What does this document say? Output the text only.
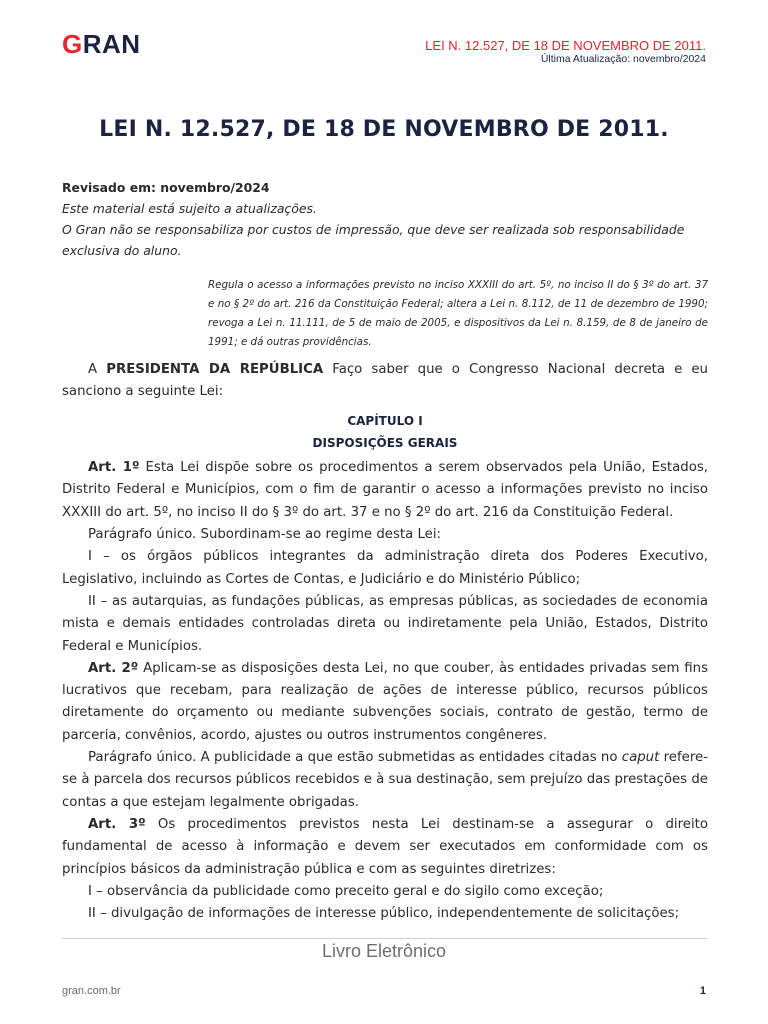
GRAN	LEI N. 12.527, DE 18 DE NOVEMBRO DE 2011.
Última Atualização: novembro/2024
LEI N. 12.527, DE 18 DE NOVEMBRO DE 2011.
Revisado em: novembro/2024
Este material está sujeito a atualizações.
O Gran não se responsabiliza por custos de impressão, que deve ser realizada sob responsabilidade exclusiva do aluno.
Regula o acesso a informações previsto no inciso XXXIII do art. 5º, no inciso II do § 3º do art. 37 e no § 2º do art. 216 da Constituição Federal; altera a Lei n. 8.112, de 11 de dezembro de 1990; revoga a Lei n. 11.111, de 5 de maio de 2005, e dispositivos da Lei n. 8.159, de 8 de janeiro de 1991; e dá outras providências.

A PRESIDENTA DA REPÚBLICA Faço saber que o Congresso Nacional decreta e eu sanciono a seguinte Lei:

CAPÍTULO I

DISPOSIÇÕES GERAIS

Art. 1º Esta Lei dispõe sobre os procedimentos a serem observados pela União, Estados, Distrito Federal e Municípios, com o fim de garantir o acesso a informações previsto no inciso XXXIII do art. 5º, no inciso II do § 3º do art. 37 e no § 2º do art. 216 da Constituição Federal.

Parágrafo único. Subordinam-se ao regime desta Lei:

I – os órgãos públicos integrantes da administração direta dos Poderes Executivo, Legislativo, incluindo as Cortes de Contas, e Judiciário e do Ministério Público;

II – as autarquias, as fundações públicas, as empresas públicas, as sociedades de economia mista e demais entidades controladas direta ou indiretamente pela União, Estados, Distrito Federal e Municípios.

Art. 2º Aplicam-se as disposições desta Lei, no que couber, às entidades privadas sem fins lucrativos que recebam, para realização de ações de interesse público, recursos públicos diretamente do orçamento ou mediante subvenções sociais, contrato de gestão, termo de parceria, convênios, acordo, ajustes ou outros instrumentos congêneres.

Parágrafo único. A publicidade a que estão submetidas as entidades citadas no caput refere-se à parcela dos recursos públicos recebidos e à sua destinação, sem prejuízo das prestações de contas a que estejam legalmente obrigadas.

Art. 3º Os procedimentos previstos nesta Lei destinam-se a assegurar o direito fundamental de acesso à informação e devem ser executados em conformidade com os princípios básicos da administração pública e com as seguintes diretrizes:

I – observância da publicidade como preceito geral e do sigilo como exceção;

II – divulgação de informações de interesse público, independentemente de solicitações;

Livro Eletrônico
gran.com.br	1
